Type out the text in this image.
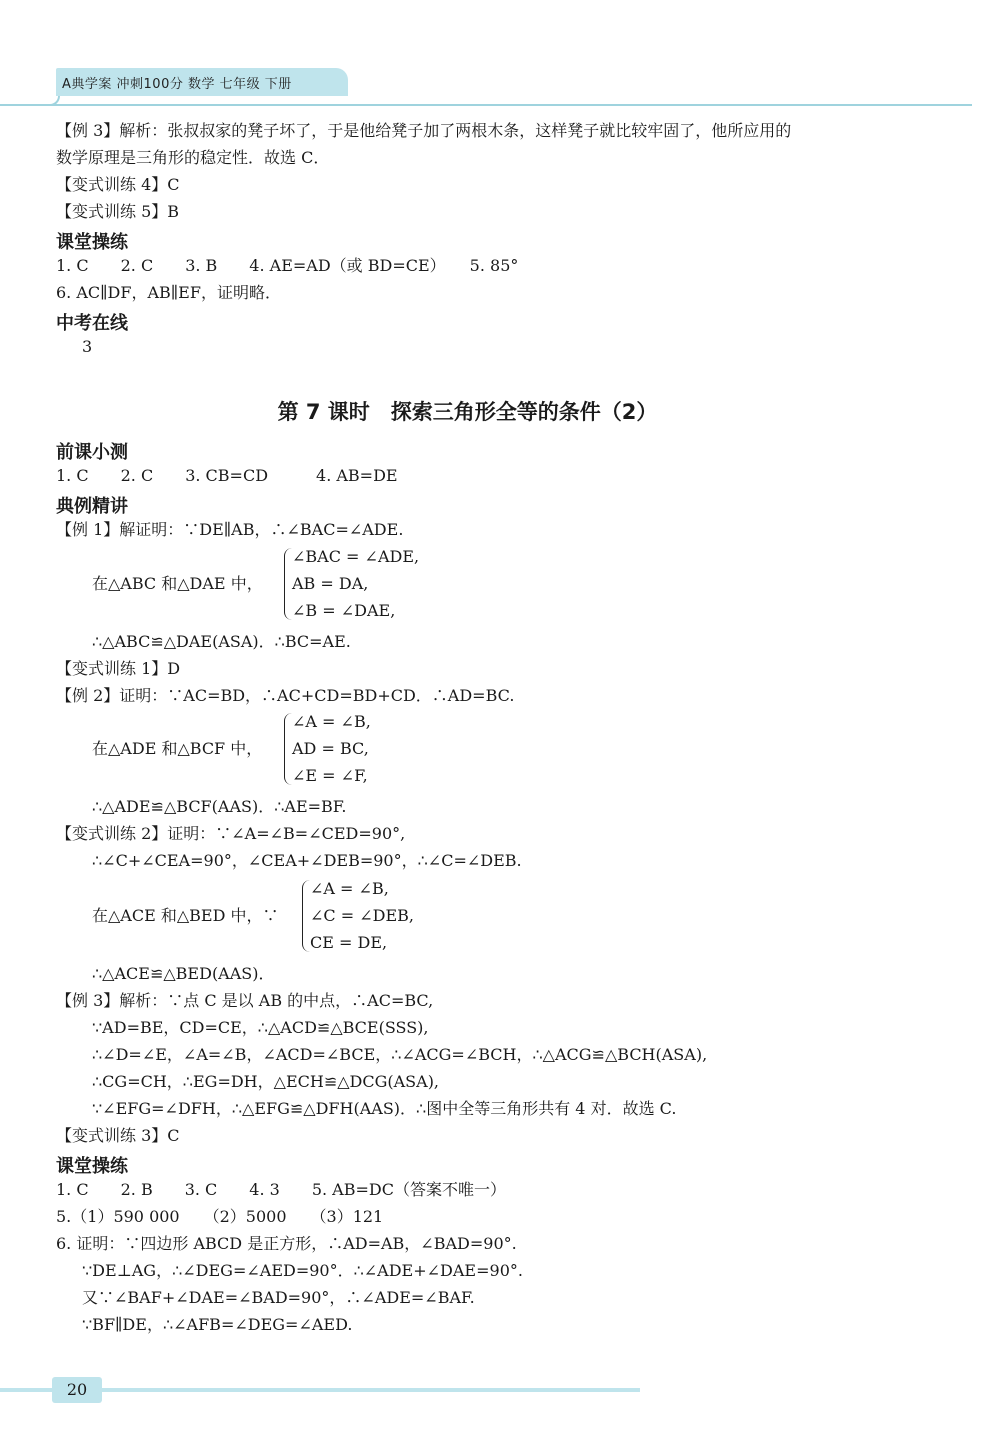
A典学案 冲刺100分 数学 七年级 下册
【例 3】解析：张叔叔家的凳子坏了，于是他给凳子加了两根木条，这样凳子就比较牢固了，他所应用的
数学原理是三角形的稳定性．故选 C．
【变式训练 4】C
【变式训练 5】B
课堂操练
1. C　　2. C　　3. B　　4. AE=AD（或 BD=CE）　　5. 85°
6. AC∥DF，AB∥EF，证明略．
中考在线
3
第 7 课时　探索三角形全等的条件（2）
前课小测
1. C　　2. C　　3. CB=CD　　　4. AB=DE
典例精讲
【例 1】解证明：∵DE∥AB，∴∠BAC=∠ADE.
在△ABC 和△DAE 中，
∠BAC = ∠ADE,
AB = DA,
∠B = ∠DAE,
∴△ABC≌△DAE(ASA)．∴BC=AE.
【变式训练 1】D
【例 2】证明：∵AC=BD，∴AC+CD=BD+CD．∴AD=BC.
在△ADE 和△BCF 中，
∠A = ∠B,
AD = BC,
∠E = ∠F,
∴△ADE≌△BCF(AAS)．∴AE=BF.
【变式训练 2】证明：∵∠A=∠B=∠CED=90°,
∴∠C+∠CEA=90°，∠CEA+∠DEB=90°，∴∠C=∠DEB.
在△ACE 和△BED 中，∵
∠A = ∠B,
∠C = ∠DEB,
CE = DE,
∴△ACE≌△BED(AAS)．
【例 3】解析：∵点 C 是以 AB 的中点，∴AC=BC,
∵AD=BE，CD=CE，∴△ACD≌△BCE(SSS),
∴∠D=∠E，∠A=∠B，∠ACD=∠BCE，∴∠ACG=∠BCH，∴△ACG≌△BCH(ASA),
∴CG=CH，∴EG=DH，△ECH≌△DCG(ASA),
∵∠EFG=∠DFH，∴△EFG≌△DFH(AAS)．∴图中全等三角形共有 4 对．故选 C.
【变式训练 3】C
课堂操练
1. C　　2. B　　3. C　　4. 3　　5. AB=DC（答案不唯一）
5.（1）590 000　　（2）5000　　（3）121
6. 证明：∵四边形 ABCD 是正方形，∴AD=AB，∠BAD=90°.
∵DE⊥AG，∴∠DEG=∠AED=90°．∴∠ADE+∠DAE=90°.
又∵∠BAF+∠DAE=∠BAD=90°，∴∠ADE=∠BAF.
∵BF∥DE，∴∠AFB=∠DEG=∠AED.
20
